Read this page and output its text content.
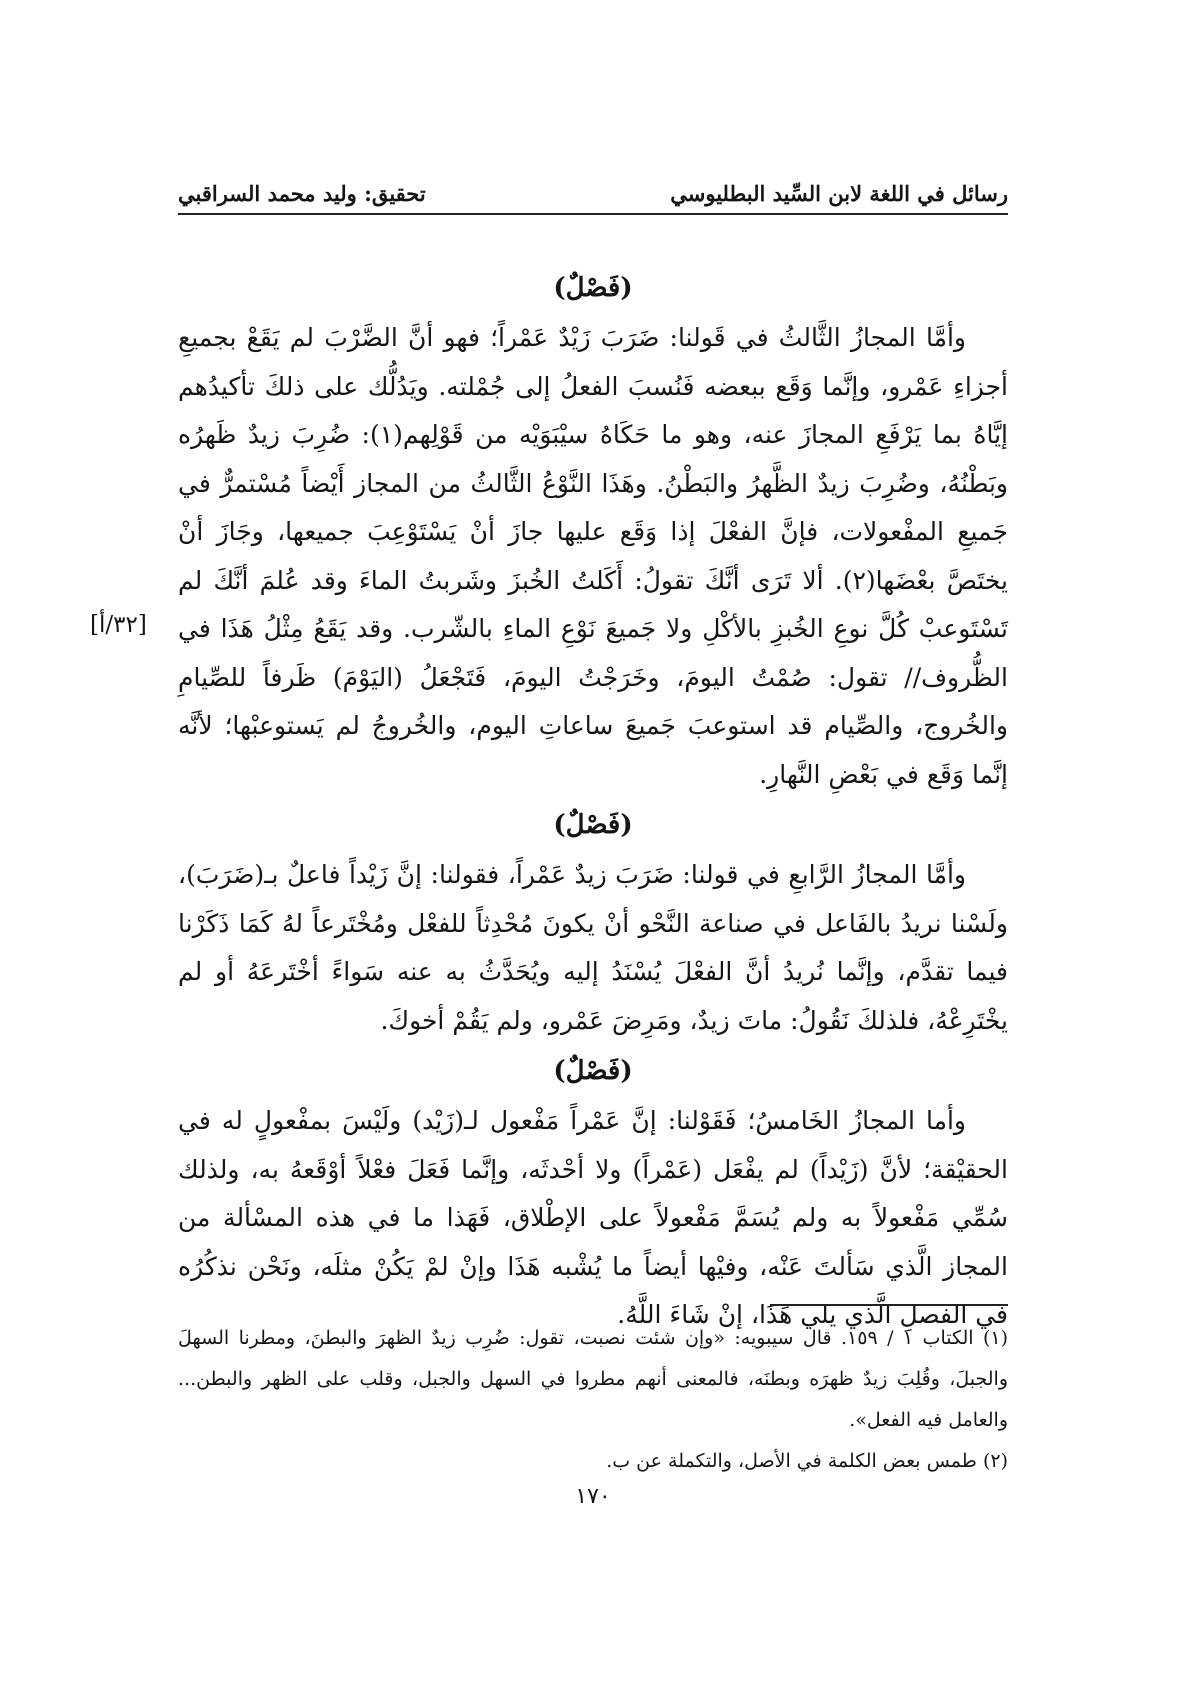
رسائل في اللغة لابن السِّيد البطليوسي
تحقيق: وليد محمد السراقبي
[٣٢/أ]
(فَصْلٌ)

وأمَّا المجازُ الثَّالثُ في قَولنا: ضَرَبَ زَيْدٌ عَمْراً؛ فهو أنَّ الضَّرْبَ لم يَقَعْ بجميعِ أجزاءِ عَمْرو، وإنَّما وَقَع ببعضه فَنُسبَ الفعلُ إلى جُمْلته. ويَدُلُّك على ذلكَ تأكيدُهم إيَّاهُ بما يَرْفَعِ المجازَ عنه، وهو ما حَكَاهُ سيْبَوَيْه من قَوْلِهم(١): ضُرِبَ زيدٌ ظَهرُه وبَطْنُهُ، وضُرِبَ زيدٌ الظَّهرُ والبَطْنُ. وهَذَا النَّوْعُ الثَّالثُ من المجاز أَيْضاً مُسْتمرٌّ في جَميعِ المفْعولات، فإنَّ الفعْلَ إذا وَقَع عليها جازَ أنْ يَسْتَوْعِبَ جميعها، وجَازَ أنْ يختَصَّ بعْضَها(٢). ألا تَرَى أنَّكَ تقولُ: أَكَلتُ الخُبزَ وشَربتُ الماءَ وقد عُلمَ أنَّكَ لم تَسْتَوعبْ كُلَّ نوعِ الخُبزِ بالأكْلِ ولا جَميعَ نَوْعِ الماءِ بالشّرب. وقد يَقَعُ مِثْلُ هَذَا في الظُّروف// تقول: صُمْتُ اليومَ، وخَرَجْتُ اليومَ، فَتَجْعَلُ (اليَوْمَ) ظَرفاً للصِّيامِ والخُروج، والصِّيام قد استوعبَ جَميعَ ساعاتِ اليوم، والخُروجُ لم يَستوعبْها؛ لأنَّه إنَّما وَقَع في بَعْضِ النَّهارِ.

(فَصْلٌ)

وأمَّا المجازُ الرَّابعِ في قولنا: ضَرَبَ زيدٌ عَمْراً، فقولنا: إنَّ زَيْداً فاعلٌ بـ(ضَرَبَ)، ولَسْنا نريدُ بالفَاعل في صناعة النَّحْو أنْ يكونَ مُحْدِثاً للفعْل ومُخْتَرعاً لهُ كَمَا ذَكَرْنا فيما تقدَّم، وإنَّما نُريدُ أنَّ الفعْلَ يُسْنَدُ إليه ويُحَدَّثُ به عنه سَواءً أخْتَرعَهُ أو لم يخْتَرِعْهُ، فلذلكَ نَقُولُ: ماتَ زيدٌ، ومَرِضَ عَمْرو، ولم يَقُمْ أخوكَ.

(فَصْلٌ)

وأما المجازُ الخَامسُ؛ فَقَوْلنا: إنَّ عَمْراً مَفْعول لـ(زَيْد) ولَيْسَ بمفْعولٍ له في الحقيْقة؛ لأنَّ (زَيْداً) لم يفْعَل (عَمْراً) ولا أحْدثَه، وإنَّما فَعَلَ فعْلاً أوْقَعهُ به، ولذلك سُمِّي مَفْعولاً به ولم يُسَمَّ مَفْعولاً على الإطْلاق، فَهَذا ما في هذه المسْألة من المجاز الَّذي سَألتَ عَنْه، وفيْها أيضاً ما يُشْبه هَذَا وإنْ لمْ يَكُنْ مثلَه، ونَحْن نذكُرُه في الفصلِ الَّذي يلي هَذَا، إنْ شَاءَ اللَّهُ.

(١) الكتاب ١ / ١٥٩. قال سيبويه: «وإن شئت نصبت، تقول: ضُرِب زيدٌ الظهرَ والبطنَ، ومطرنا السهلَ والجبلَ، وقُلِبَ زيدٌ ظهرَه وبطنَه، فالمعنى أنهم مطروا في السهل والجبل، وقلب على الظهر والبطن... والعامل فيه الفعل».

(٢) طمس بعض الكلمة في الأصل، والتكملة عن ب.

١٧٠
